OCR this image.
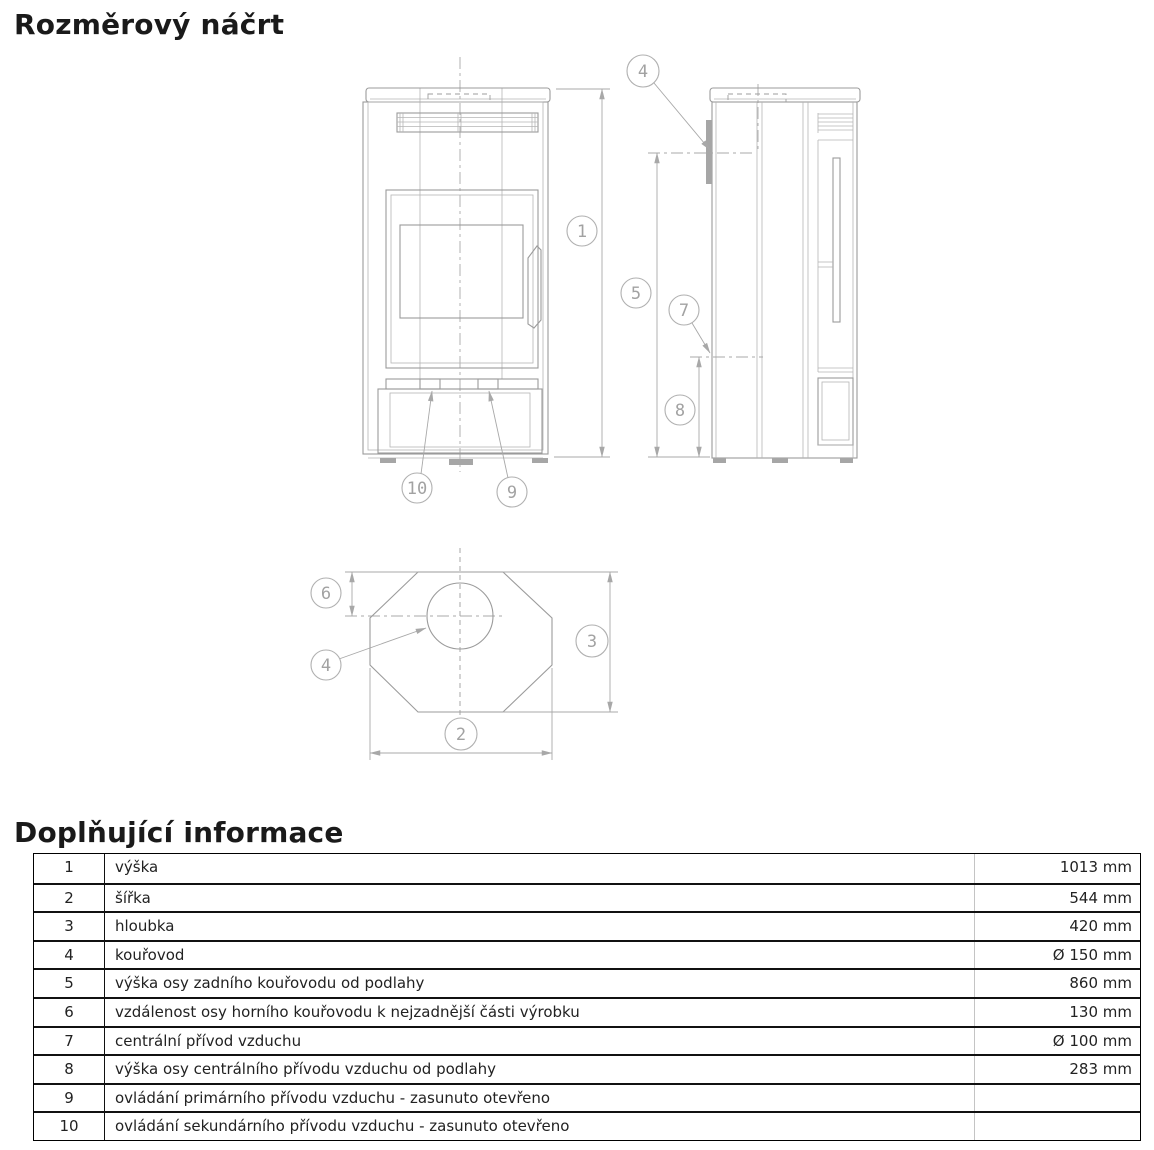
Rozměrový náčrt
1
4
5
7
8
10	9
6
4
3
2
Doplňující informace
1	výška	1013 mm
2	šířka	544 mm
3	hloubka	420 mm
4	kouřovod	Ø 150 mm
5	výška osy zadního kouřovodu od podlahy	860 mm
6	vzdálenost osy horního kouřovodu k nejzadnější části výrobku	130 mm
7	centrální přívod vzduchu	Ø 100 mm
8	výška osy centrálního přívodu vzduchu od podlahy	283 mm
9	ovládání primárního přívodu vzduchu - zasunuto otevřeno
10	ovládání sekundárního přívodu vzduchu - zasunuto otevřeno
